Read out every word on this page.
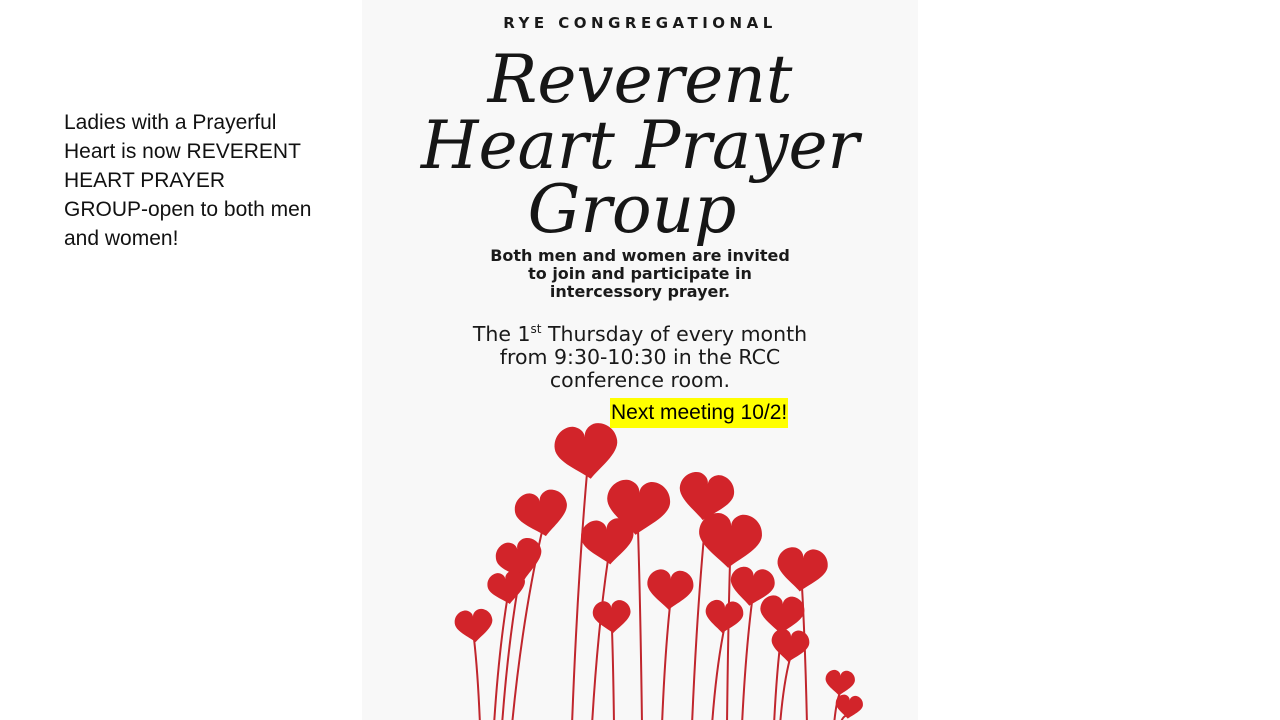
Ladies with a Prayerful Heart is now REVERENT HEART PRAYER GROUP-open to both men and women!

RYE CONGREGATIONAL
Reverent
Heart Prayer
Group

Both men and women are invited
to join and participate in
intercessory prayer.

The 1st Thursday of every month
from 9:30-10:30 in the RCC
conference room.

Next meeting 10/2!
